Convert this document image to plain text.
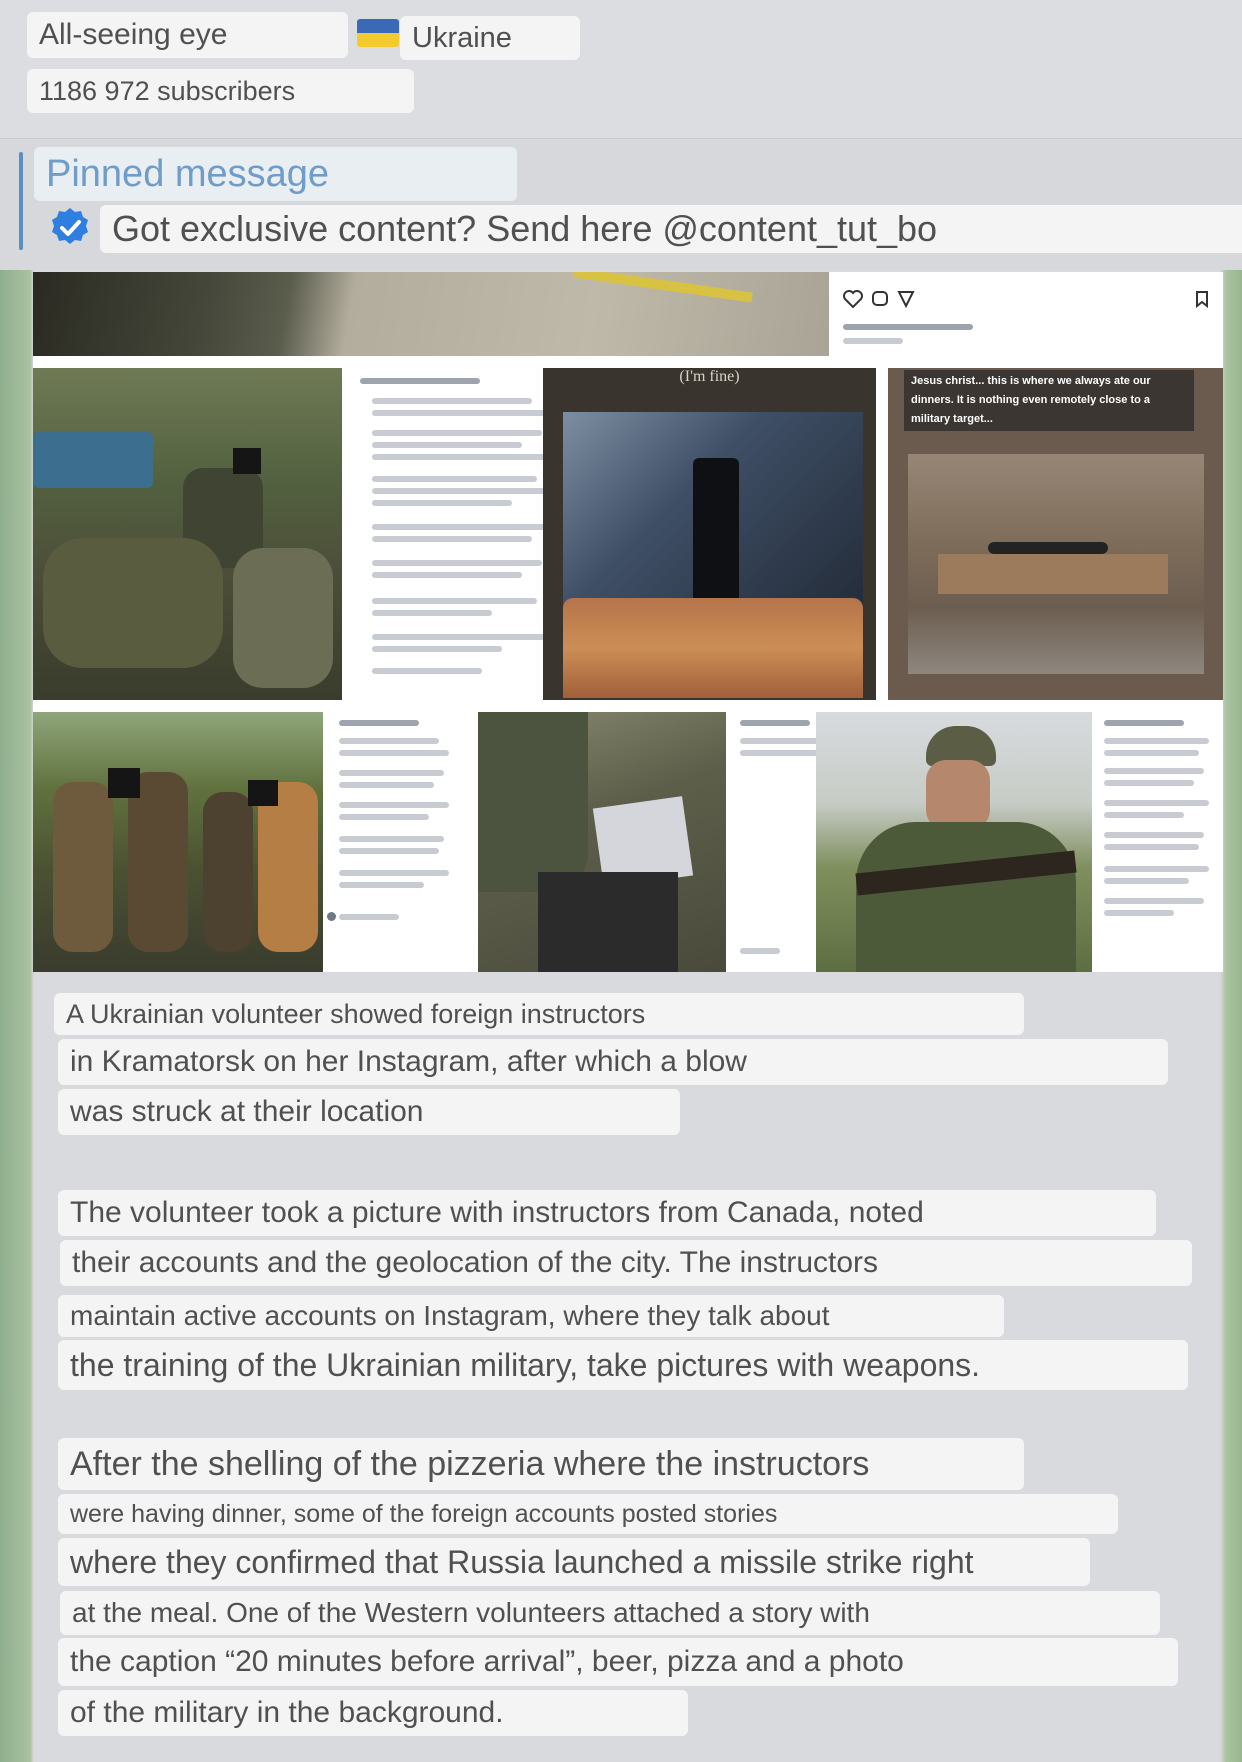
All-seeing eye	Ukraine
1186 972 subscribers
Pinned message
Got exclusive content? Send here @content_tut_bo
(I'm fine)	Jesus christ... this is where we always ate our dinners. It is nothing even remotely close to a military target...
A Ukrainian volunteer showed foreign instructors
in Kramatorsk on her Instagram, after which a blow
was struck at their location
The volunteer took a picture with instructors from Canada, noted
their accounts and the geolocation of the city. The instructors
maintain active accounts on Instagram, where they talk about
the training of the Ukrainian military, take pictures with weapons.
After the shelling of the pizzeria where the instructors
were having dinner, some of the foreign accounts posted stories
where they confirmed that Russia launched a missile strike right
at the meal. One of the Western volunteers attached a story with
the caption “20 minutes before arrival”, beer, pizza and a photo
of the military in the background.
